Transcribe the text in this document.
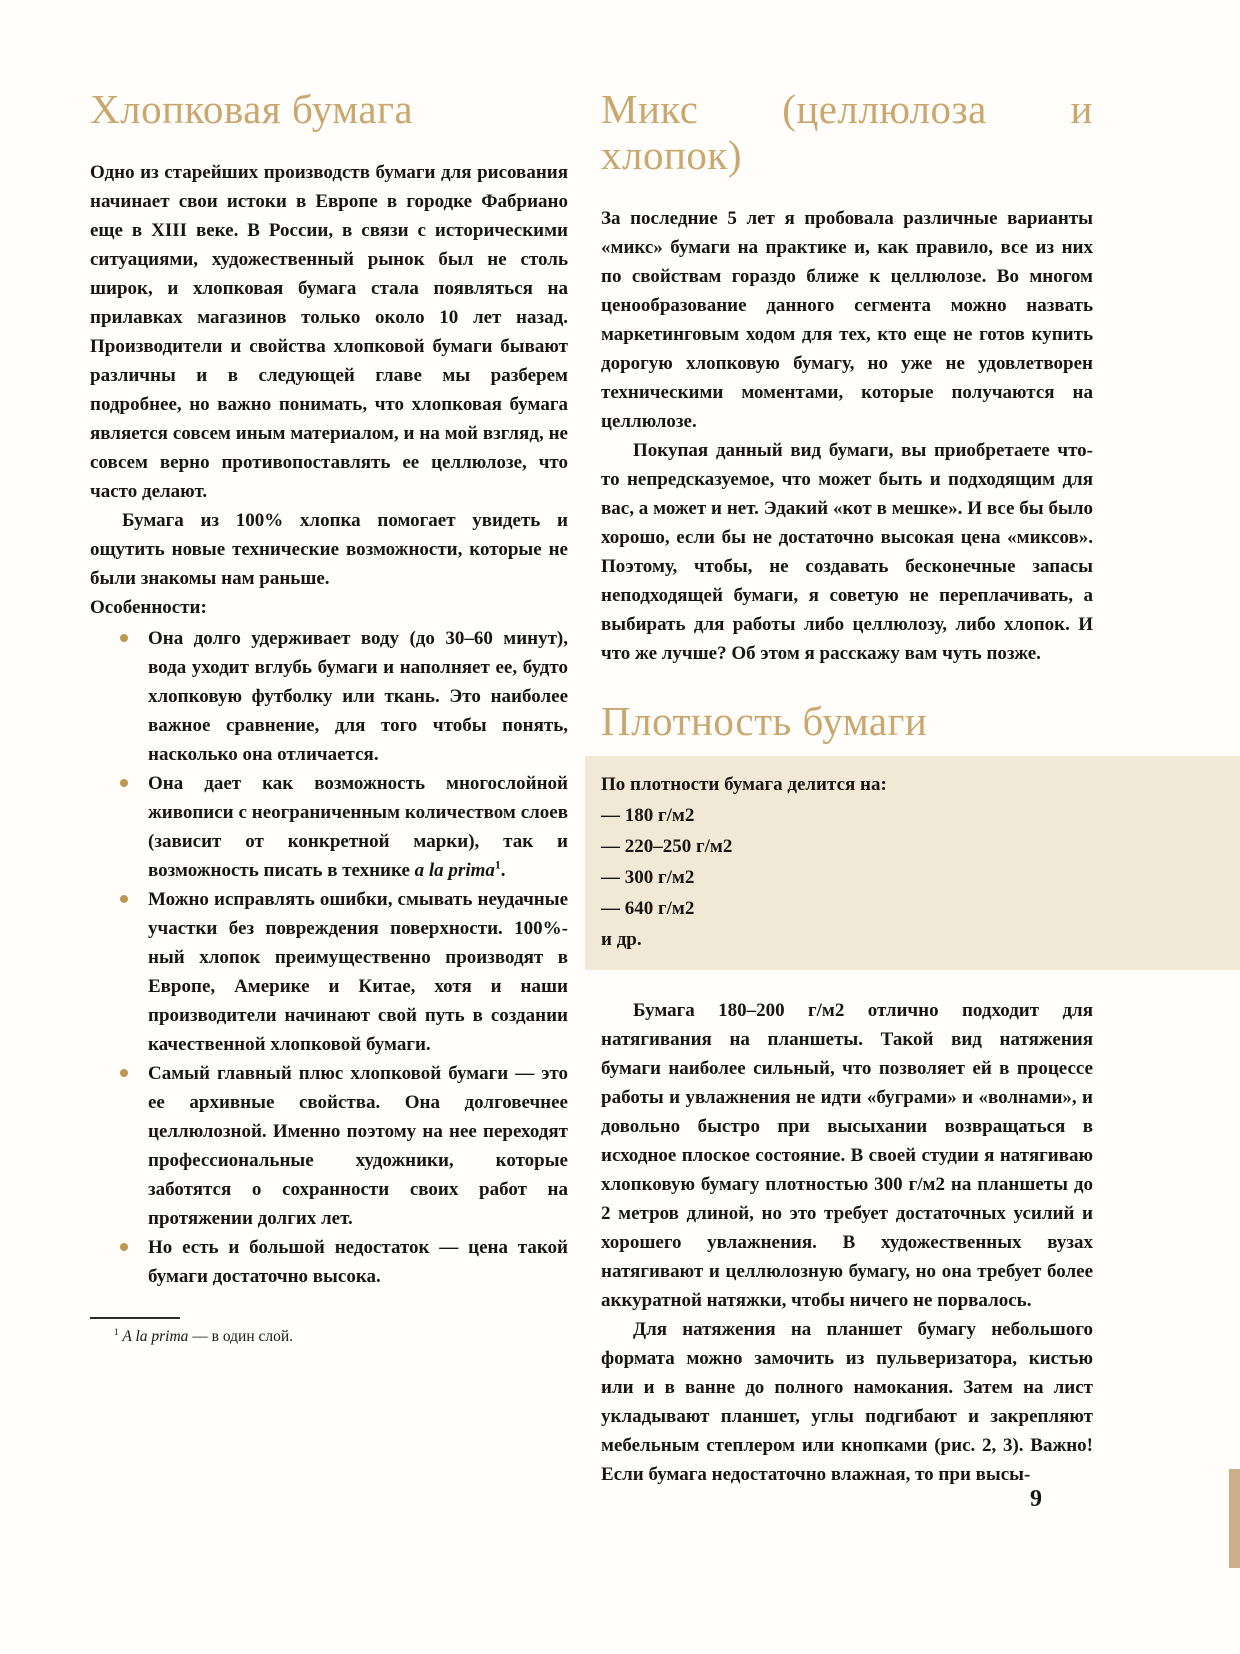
Хлопковая бумага

Одно из старейших производств бумаги для рисования начинает свои истоки в Европе в городке Фабриано еще в XIII веке. В России, в связи с историческими ситуациями, художественный рынок был не столь широк, и хлопковая бумага стала появляться на прилавках магазинов только около 10 лет назад. Производители и свойства хлопковой бумаги бывают различны и в следующей главе мы разберем подробнее, но важно понимать, что хлопковая бумага является совсем иным материалом, и на мой взгляд, не совсем верно противопоставлять ее целлюлозе, что часто делают.

Бумага из 100% хлопка помогает увидеть и ощутить новые технические возможности, которые не были знакомы нам раньше.

Особенности:

Она долго удерживает воду (до 30–60 минут), вода уходит вглубь бумаги и наполняет ее, будто хлопковую футболку или ткань. Это наиболее важное сравнение, для того чтобы понять, насколько она отличается.
Она дает как возможность многослойной живописи с неограниченным количеством слоев (зависит от конкретной марки), так и возможность писать в технике a la prima$^1$.
Можно исправлять ошибки, смывать неудачные участки без повреждения поверхности. 100%-ный хлопок преимущественно производят в Европе, Америке и Китае, хотя и наши производители начинают свой путь в создании качественной хлопковой бумаги.
Самый главный плюс хлопковой бумаги — это ее архивные свойства. Она долговечнее целлюлозной. Именно поэтому на нее переходят профессиональные художники, которые заботятся о сохранности своих работ на протяжении долгих лет.
Но есть и большой недостаток — цена такой бумаги достаточно высока.

$^1$ A la prima — в один слой.

Микс (целлюлоза и хлопок)

За последние 5 лет я пробовала различные варианты «микс» бумаги на практике и, как правило, все из них по свойствам гораздо ближе к целлюлозе. Во многом ценообразование данного сегмента можно назвать маркетинговым ходом для тех, кто еще не готов купить дорогую хлопковую бумагу, но уже не удовлетворен техническими моментами, которые получаются на целлюлозе.

Покупая данный вид бумаги, вы приобретаете что-то непредсказуемое, что может быть и подходящим для вас, а может и нет. Эдакий «кот в мешке». И все бы было хорошо, если бы не достаточно высокая цена «миксов». Поэтому, чтобы, не создавать бесконечные запасы неподходящей бумаги, я советую не переплачивать, а выбирать для работы либо целлюлозу, либо хлопок. И что же лучше? Об этом я расскажу вам чуть позже.

Плотность бумаги

По плотности бумага делится на:

— 180 г/м2

— 220–250 г/м2

— 300 г/м2

— 640 г/м2

и др.

Бумага 180–200 г/м2 отлично подходит для натягивания на планшеты. Такой вид натяжения бумаги наиболее сильный, что позволяет ей в процессе работы и увлажнения не идти «буграми» и «волнами», и довольно быстро при высыхании возвращаться в исходное плоское состояние. В своей студии я натягиваю хлопковую бумагу плотностью 300 г/м2 на планшеты до 2 метров длиной, но это требует достаточных усилий и хорошего увлажнения. В художественных вузах натягивают и целлюлозную бумагу, но она требует более аккуратной натяжки, чтобы ничего не порвалось.

Для натяжения на планшет бумагу небольшого формата можно замочить из пульверизатора, кистью или и в ванне до полного намокания. Затем на лист укладывают планшет, углы подгибают и закрепляют мебельным степлером или кнопками (рис. 2, 3). Важно! Если бумага недостаточно влажная, то при высы-

9
